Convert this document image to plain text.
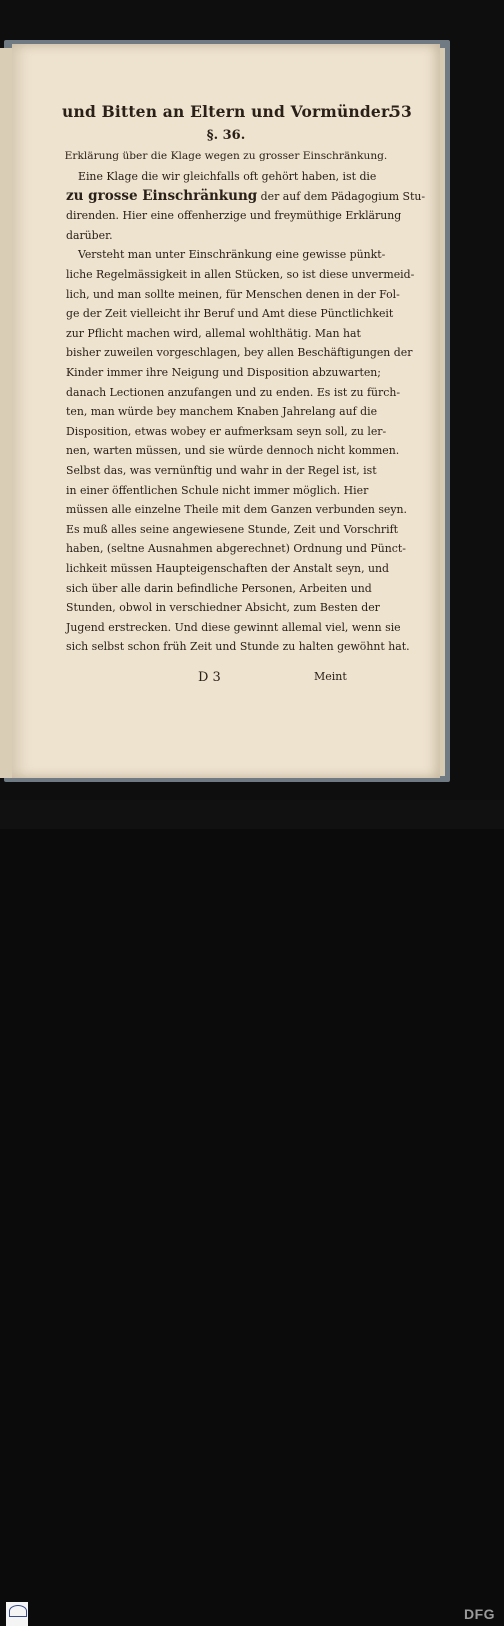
und Bitten an Eltern und Vormünder.
53
§. 36.
Erklärung über die Klage wegen zu grosser Einschränkung.
D 3	Meint
Eine Klage die wir gleichfalls oft gehört haben, ist die
zu grosse Einschränkung der auf dem Pädagogium Stu-
direnden. Hier eine offenherzige und freymüthige Erklärung
darüber.
Versteht man unter Einschränkung eine gewisse pünkt-
liche Regelmässigkeit in allen Stücken, so ist diese unvermeid-
lich, und man sollte meinen, für Menschen denen in der Fol-
ge der Zeit vielleicht ihr Beruf und Amt diese Pünctlichkeit
zur Pflicht machen wird, allemal wohlthätig. Man hat
bisher zuweilen vorgeschlagen, bey allen Beschäftigungen der
Kinder immer ihre Neigung und Disposition abzuwarten;
danach Lectionen anzufangen und zu enden. Es ist zu fürch-
ten, man würde bey manchem Knaben Jahrelang auf die
Disposition, etwas wobey er aufmerksam seyn soll, zu ler-
nen, warten müssen, und sie würde dennoch nicht kommen.
Selbst das, was vernünftig und wahr in der Regel ist, ist
in einer öffentlichen Schule nicht immer möglich. Hier
müssen alle einzelne Theile mit dem Ganzen verbunden seyn.
Es muß alles seine angewiesene Stunde, Zeit und Vorschrift
haben, (seltne Ausnahmen abgerechnet) Ordnung und Pünct-
lichkeit müssen Haupteigenschaften der Anstalt seyn, und
sich über alle darin befindliche Personen, Arbeiten und
Stunden, obwol in verschiedner Absicht, zum Besten der
Jugend erstrecken. Und diese gewinnt allemal viel, wenn sie
sich selbst schon früh Zeit und Stunde zu halten gewöhnt hat.
DFG
